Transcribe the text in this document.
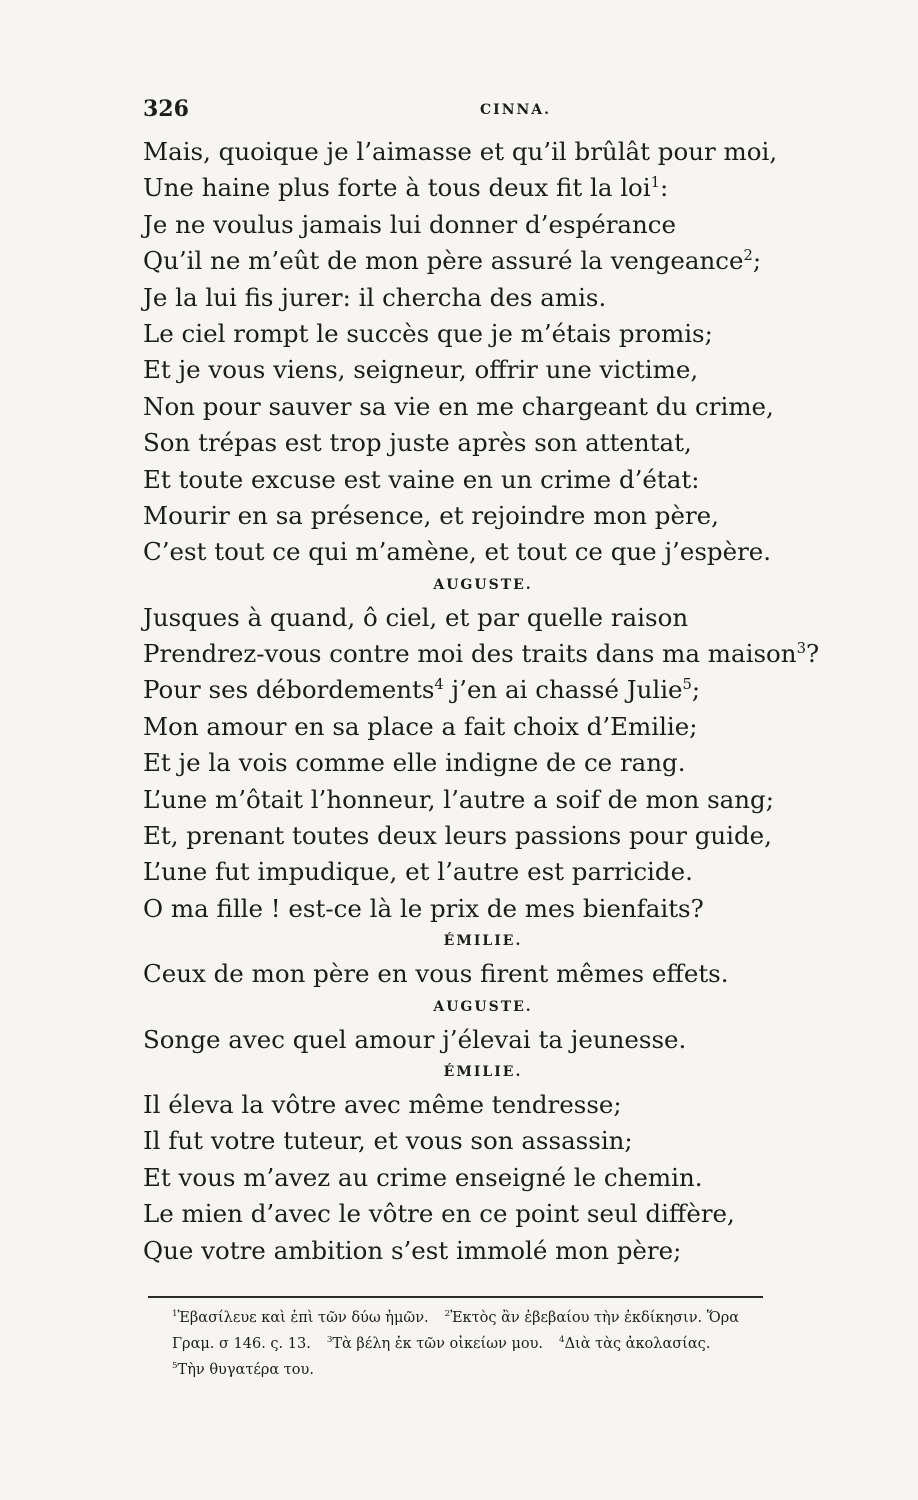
326	CINNA.
Mais, quoique je l’aimasse et qu’il brûlât pour moi,
Une haine plus forte à tous deux fit la loi$^1$:
Je ne voulus jamais lui donner d’espérance
Qu’il ne m’eût de mon père assuré la vengeance$^2$;
Je la lui fis jurer: il chercha des amis.
Le ciel rompt le succès que je m’étais promis;
Et je vous viens, seigneur, offrir une victime,
Non pour sauver sa vie en me chargeant du crime,
Son trépas est trop juste après son attentat,
Et toute excuse est vaine en un crime d’état:
Mourir en sa présence, et rejoindre mon père,
C’est tout ce qui m’amène, et tout ce que j’espère.
AUGUSTE.
Jusques à quand, ô ciel, et par quelle raison
Prendrez-vous contre moi des traits dans ma maison$^3$?
Pour ses débordements$^4$ j’en ai chassé Julie$^5$;
Mon amour en sa place a fait choix d’Emilie;
Et je la vois comme elle indigne de ce rang.
L’une m’ôtait l’honneur, l’autre a soif de mon sang;
Et, prenant toutes deux leurs passions pour guide,
L’une fut impudique, et l’autre est parricide.
O ma fille ! est-ce là le prix de mes bienfaits?
ÉMILIE.
Ceux de mon père en vous firent mêmes effets.
AUGUSTE.
Songe avec quel amour j’élevai ta jeunesse.
ÉMILIE.
Il éleva la vôtre avec même tendresse;
Il fut votre tuteur, et vous son assassin;
Et vous m’avez au crime enseigné le chemin.
Le mien d’avec le vôtre en ce point seul diffère,
Que votre ambition s’est immolé mon père;
$^1$Ἐβασίλευε καὶ ἐπὶ τῶν δύω ἡμῶν. $^2$Ἐκτὸς ἂν ἐβεβαίου τὴν ἐκδίκησιν. Ὅρα
Γραμ. σ 146. ς. 13. $^3$Τὰ βέλη ἐκ τῶν οἰκείων μου. $^4$Διὰ τὰς ἀκολασίας.
$^5$Τὴν θυγατέρα του.
